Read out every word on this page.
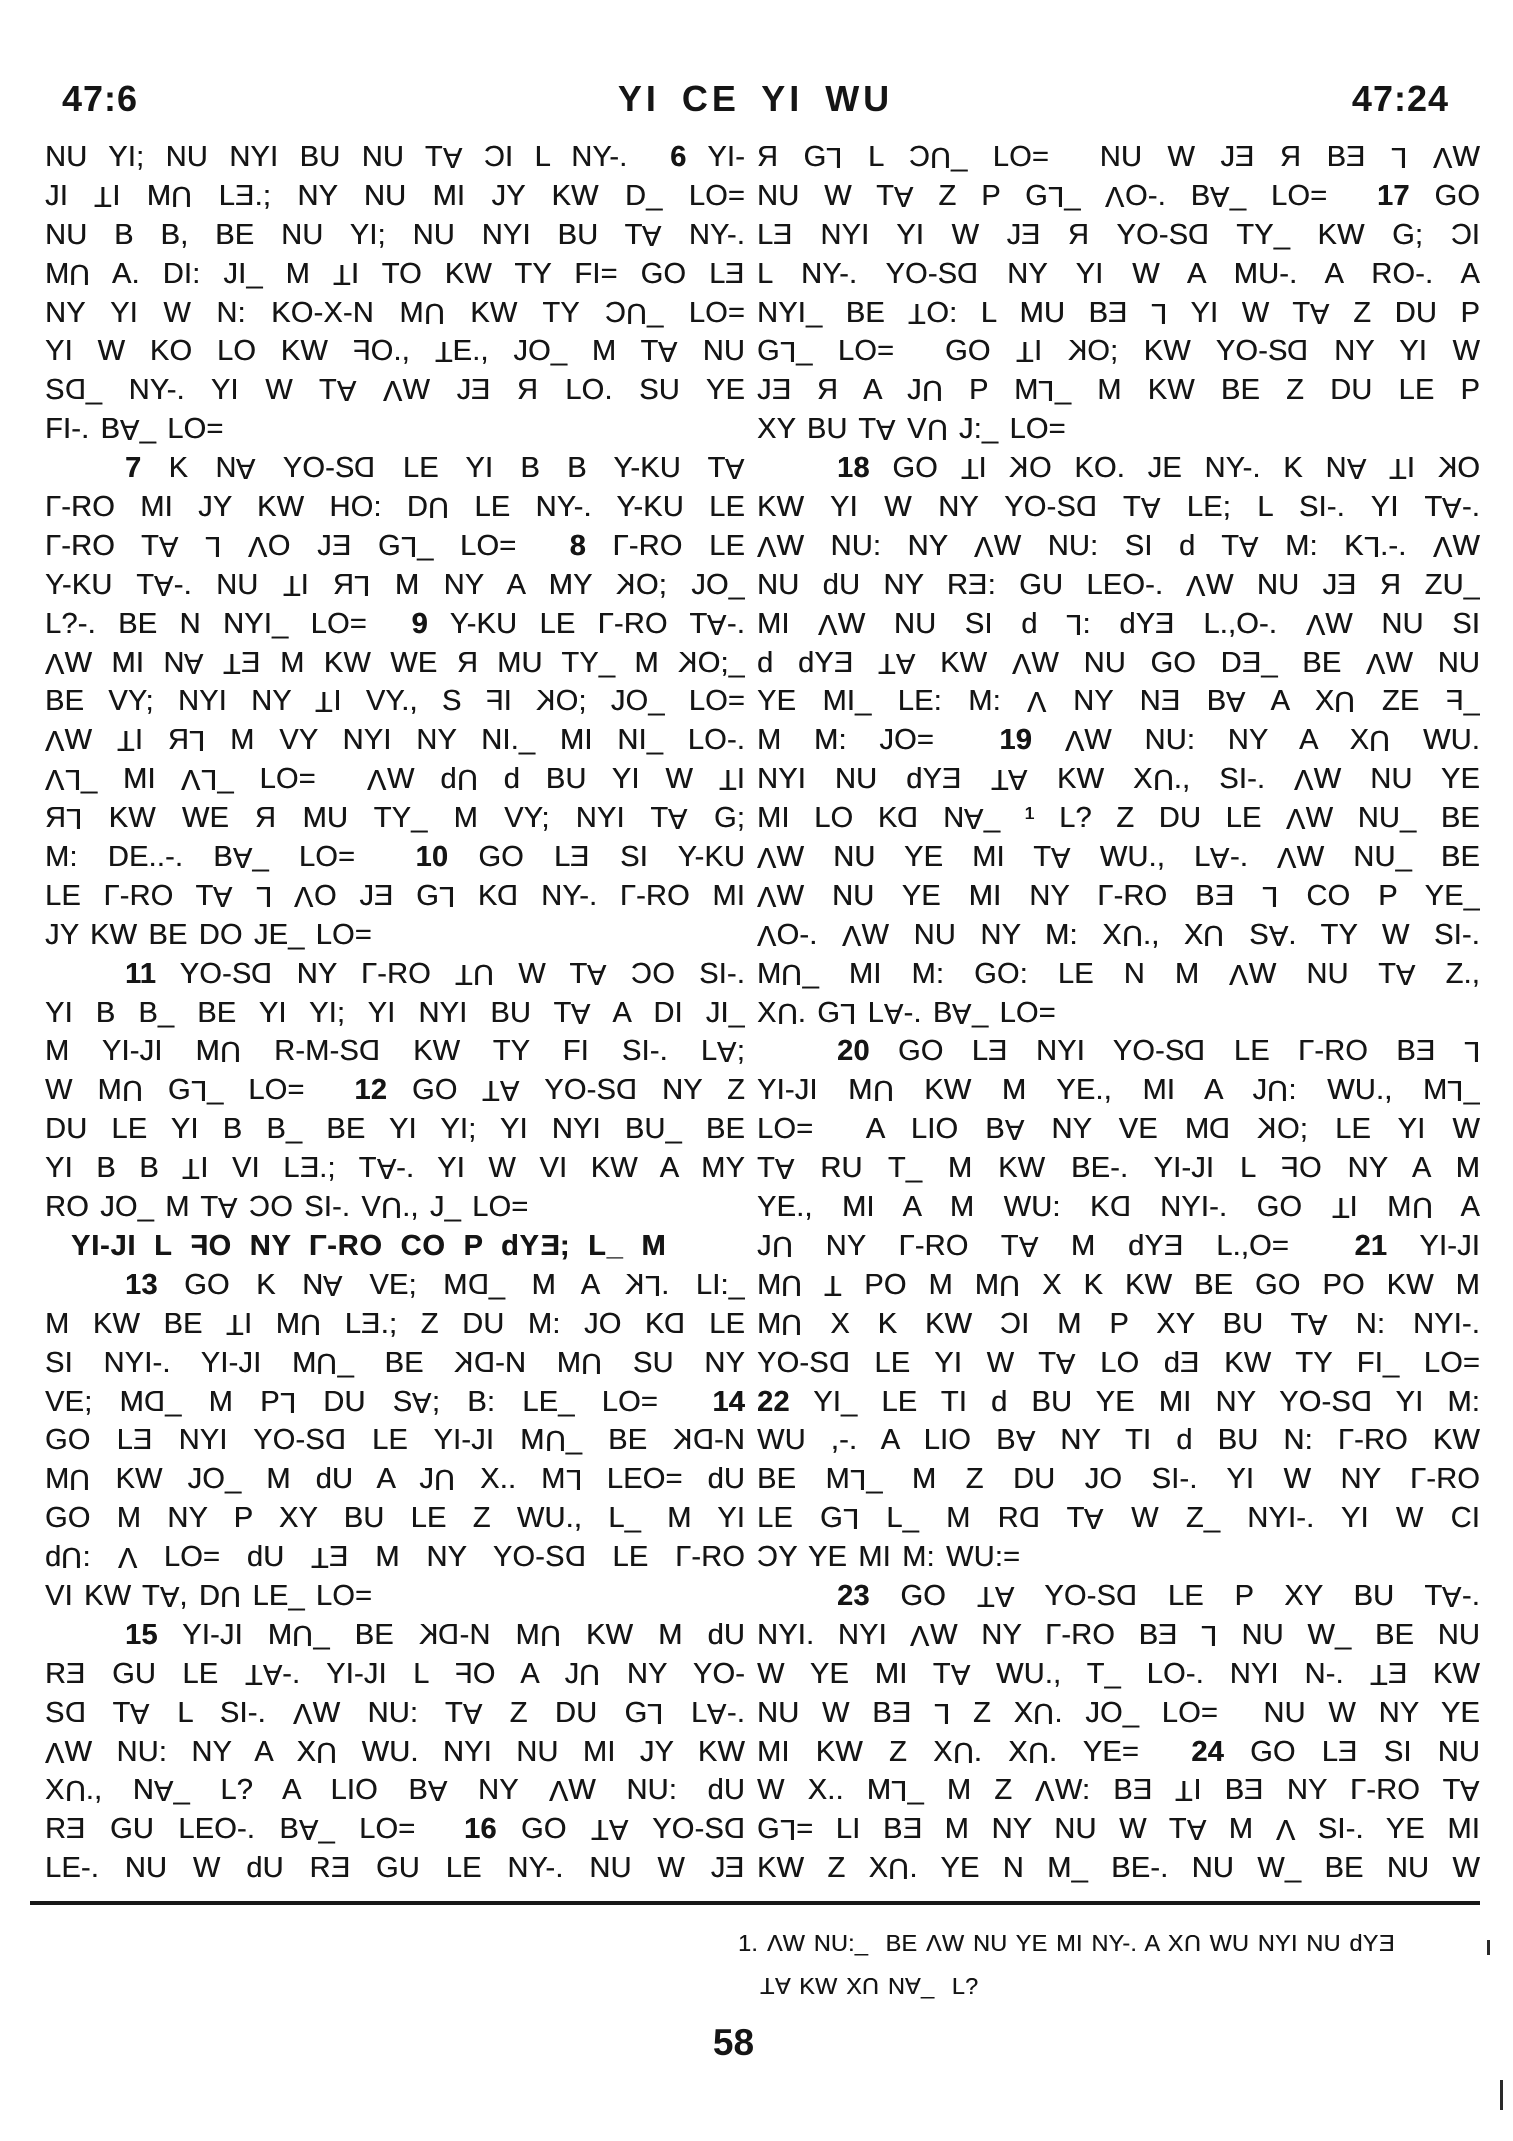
47:6	YI CE YI WU	47:24
NU YI; NU NYI BU NU TA CI L NY-.  6 YI-
JI TI MU LE.; NY NU MI JY KW D_ LO=
NU B B, BE NU YI; NU NYI BU TA NY-.
MU A. DI: JI_ M TI TO KW TY FI= GO LE
NY YI W N: KO-X-N MU KW TY CU_ LO=
YI W KO LO KW FO., TE., JO_ M TA NU
SD_ NY-. YI W TA VW JE R LO. SU YE
FI-. BA_ LO=
7 K NA YO-SD LE YI B B Y-KU TA
Γ-RO MI JY KW HO: DU LE NY-. Y-KU LE
Γ-RO TA L VO JE GL_ LO=  8 Γ-RO LE
Y-KU TA-. NU TI RL M NY A MY KO; JO_
L?-. BE N NYI_ LO=  9 Y-KU LE Γ-RO TA-.
VW MI NA TE M KW WE R MU TY_ M KO;_
BE VY; NYI NY TI VY., S FI KO; JO_ LO=
VW TI RL M VY NYI NY NI._ MI NI_ LO-.
VL_ MI VL_ LO=  VW dU d BU YI W TI
RL KW WE R MU TY_ M VY; NYI TA G;
M: DE..-. BA_ LO=  10 GO LE SI Y-KU
LE Γ-RO TA L VO JE GL KD NY-. Γ-RO MI
JY KW BE DO JE_ LO=
11 YO-SD NY Γ-RO TU W TA CO SI-.
YI B B_ BE YI YI; YI NYI BU TA A DI JI_
M YI-JI MU R-M-SD KW TY FI SI-. LA;
W MU GL_ LO=  12 GO TA YO-SD NY Z
DU LE YI B B_ BE YI YI; YI NYI BU_ BE
YI B B TI VI LE.; TA-. YI W VI KW A MY
RO JO_ M TA CO SI-. VU., J_ LO=
YI-JI L FO NY Γ-RO CO P dYE; L_ M
13 GO K NA VE; MD_ M A KL. LI:_
M KW BE TI MU LE.; Z DU M: JO KD LE
SI NYI-. YI-JI MU_ BE KD-N MU SU NY
VE; MD_ M PL DU SA; B: LE_ LO=  14
GO LE NYI YO-SD LE YI-JI MU_ BE KD-N
MU KW JO_ M dU A JU X.. ML LEO= dU
GO M NY P XY BU LE Z WU., L_ M YI
dU: V LO= dU TE M NY YO-SD LE Γ-RO
VI KW TA, DU LE_ LO=
15 YI-JI MU_ BE KD-N MU KW M dU
RE GU LE TA-. YI-JI L FO A JU NY YO-
SD TA L SI-. VW NU: TA Z DU GL LA-.
VW NU: NY A XU WU. NYI NU MI JY KW
XU., NA_ L? A LIO BA NY VW NU: dU
RE GU LEO-. BA_ LO=  16 GO TA YO-SD
LE-. NU W dU RE GU LE NY-. NU W JE
R GL L CU_ LO=  NU W JE R BE L VW
NU W TA Z P GL_ VO-. BA_ LO=  17 GO
LE NYI YI W JE R YO-SD TY_ KW G; CI
L NY-. YO-SD NY YI W A MU-. A RO-. A
NYI_ BE TO: L MU BE L YI W TA Z DU P
GL_ LO=  GO TI KO; KW YO-SD NY YI W
JE R A JU P ML_ M KW BE Z DU LE P
XY BU TA VU J:_ LO=
18 GO TI KO KO. JE NY-. K NA TI KO
KW YI W NY YO-SD TA LE; L SI-. YI TA-.
VW NU: NY VW NU: SI d TA M: KL.-. VW
NU dU NY RE: GU LEO-. VW NU JE R ZU_
MI VW NU SI d L: dYE L.,O-. VW NU SI
d dYE TA KW VW NU GO DE_ BE VW NU
YE MI_ LE: M: V NY NE BA A XU ZE F_
M M: JO=  19 VW NU: NY A XU WU.
NYI NU dYE TA KW XU., SI-. VW NU YE
MI LO KD NA_ ¹ L? Z DU LE VW NU_ BE
VW NU YE MI TA WU., LA-. VW NU_ BE
VW NU YE MI NY Γ-RO BE L CO P YE_
VO-. VW NU NY M: XU., XU SA. TY W SI-.
MU_ MI M: GO: LE N M VW NU TA Z.,
XU. GL LA-. BA_ LO=
20 GO LE NYI YO-SD LE Γ-RO BE L
YI-JI MU KW M YE., MI A JU: WU., ML_
LO=  A LIO BA NY VE MD KO; LE YI W
TA RU T_ M KW BE-. YI-JI L FO NY A M
YE., MI A M WU: KD NYI-. GO TI MU A
JU NY Γ-RO TA M dYE L.,O=  21 YI-JI
MU T PO M MU X K KW BE GO PO KW M
MU X K KW CI M P XY BU TA N: NYI-.
YO-SD LE YI W TA LO dE KW TY FI_ LO=
22 YI_ LE TI d BU YE MI NY YO-SD YI M:
WU ,-. A LIO BA NY TI d BU N: Γ-RO KW
BE ML_ M Z DU JO SI-. YI W NY Γ-RO
LE GL L_ M RD TA W Z_ NYI-. YI W CI
CY YE MI M: WU:=
23 GO TA YO-SD LE P XY BU TA-.
NYI. NYI VW NY Γ-RO BE L NU W_ BE NU
W YE MI TA WU., T_ LO-. NYI N-. TE KW
NU W BE L Z XU. JO_ LO=  NU W NY YE
MI KW Z XU. XU. YE=  24 GO LE SI NU
W X.. ML_ M Z VW: BE TI BE NY Γ-RO TA
GL= LI BE M NY NU W TA M V SI-. YE MI
KW Z XU. YE N M_ BE-. NU W_ BE NU W
1. VW NU:_  BE VW NU YE MI NY-. A XU WU NYI NU dYE
TA KW XU NA_  L?
58
